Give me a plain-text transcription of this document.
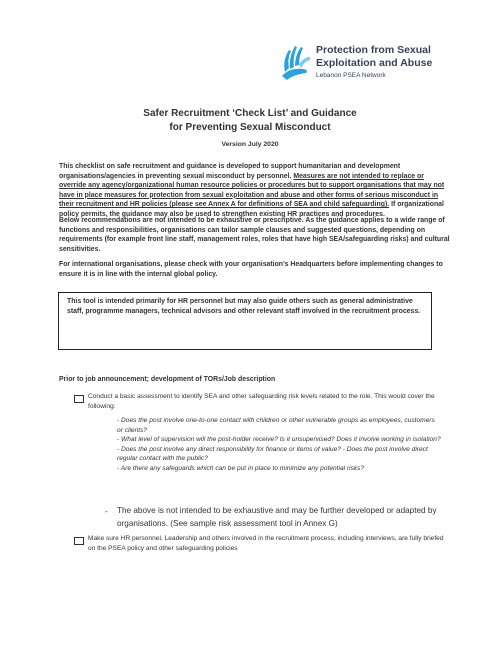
Protection from Sexual
Exploitation and Abuse
Lebanon PSEA Network
Safer Recruitment ‘Check List’ and Guidance
for Preventing Sexual Misconduct
Version July 2020

This checklist on safe recruitment and guidance is developed to support humanitarian and development organisations/agencies in preventing sexual misconduct by personnel. Measures are not intended to replace or override any agency/organizational human resource policies or procedures but to support organisations that may not have in place measures for protection from sexual exploitation and abuse and other forms of serious misconduct in their recruitment and HR policies (please see Annex A for definitions of SEA and child safeguarding). If organizational policy permits, the guidance may also be used to strengthen existing HR practices and procedures.

Below recommendations are not intended to be exhaustive or prescriptive. As the guidance applies to a wide range of functions and responsibilities, organisations can tailor sample clauses and suggested questions, depending on requirements (for example front line staff, management roles, roles that have high SEA/safeguarding risks) and cultural sensitivities.

For international organisations, please check with your organisation’s Headquarters before implementing changes to ensure it is in line with the internal global policy.

This tool is intended primarily for HR personnel but may also guide others such as general administrative staff, programme managers, technical advisors and other relevant staff involved in the recruitment process.

Prior to job announcement; development of TORs/Job description

Conduct a basic assessment to identify SEA and other safeguarding risk levels related to the role. This would cover the following:

- Does the post involve one-to-one contact with children or other vulnerable groups as employees, customers or clients?
- What level of supervision will the post-holder receive? Is it unsupervised? Does it involve working in isolation?
- Does the post involve any direct responsibility for finance or items of value? - Does the post involve direct regular contact with the public?
- Are there any safeguards which can be put in place to minimize any potential risks?
- The above is not intended to be exhaustive and may be further developed or adapted by organisations. (See sample risk assessment tool in Annex G)

Make sure HR personnel, Leadership and others involved in the recruitment process, including interviews, are fully briefed on the PSEA policy and other safeguarding policies
